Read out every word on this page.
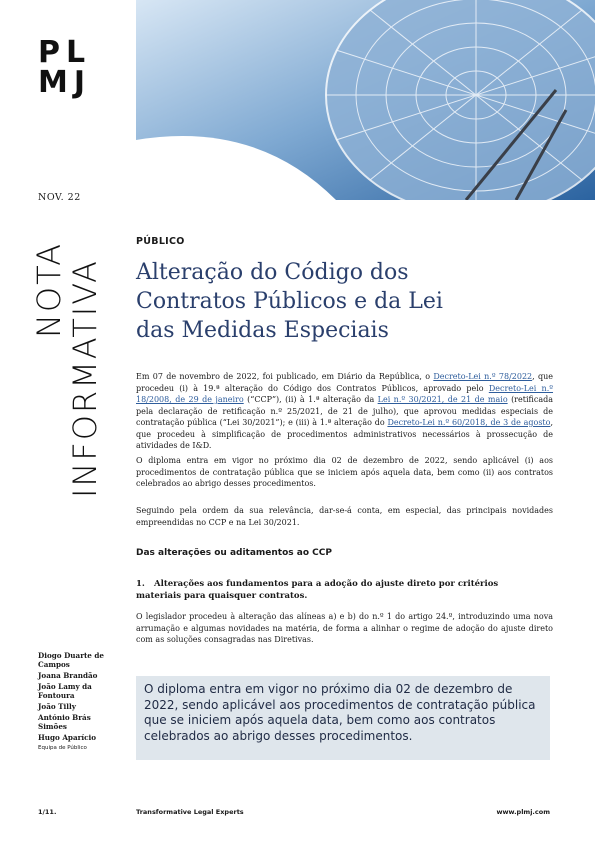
PL
MJ
NOV. 22
NOTA
INFORMATIVA
PÚBLICO
Alteração do Código dos
Contratos Públicos e da Lei
das Medidas Especiais

Em 07 de novembro de 2022, foi publicado, em Diário da República, o Decreto-Lei n.º 78/2022, que procedeu (i) à 19.ª alteração do Código dos Contratos Públicos, aprovado pelo Decreto-Lei n.º 18/2008, de 29 de janeiro (“CCP”), (ii) à 1.ª alteração da Lei n.º 30/2021, de 21 de maio (retificada pela declaração de retificação n.º 25/2021, de 21 de julho), que aprovou medidas especiais de contratação pública (“Lei 30/2021”); e (iii) à 1.ª alteração do Decreto-Lei n.º 60/2018, de 3 de agosto, que procedeu à simplificação de procedimentos administrativos necessários à prossecução de atividades de I&D.

O diploma entra em vigor no próximo dia 02 de dezembro de 2022, sendo aplicável (i) aos procedimentos de contratação pública que se iniciem após aquela data, bem como (ii) aos contratos celebrados ao abrigo desses procedimentos.

Seguindo pela ordem da sua relevância, dar-se-á conta, em especial, das principais novidades empreendidas no CCP e na Lei 30/2021.

Das alterações ou aditamentos ao CCP
1. Alterações aos fundamentos para a adoção do ajuste direto por critérios materiais para quaisquer contratos.

O legislador procedeu à alteração das alíneas a) e b) do n.º 1 do artigo 24.º, introduzindo uma nova arrumação e algumas novidades na matéria, de forma a alinhar o regime de adoção do ajuste direto com as soluções consagradas nas Diretivas.

O diploma entra em vigor no próximo dia 02 de dezembro de 2022, sendo aplicável aos procedimentos de contratação pública que se iniciem após aquela data, bem como aos contratos celebrados ao abrigo desses procedimentos.
Diogo Duarte de Campos
Joana Brandão
João Lamy da Fontoura
João Tilly
António Brás Simões
Hugo Aparício
Equipa de Público
1/11.	Transformative Legal Experts	www.plmj.com
